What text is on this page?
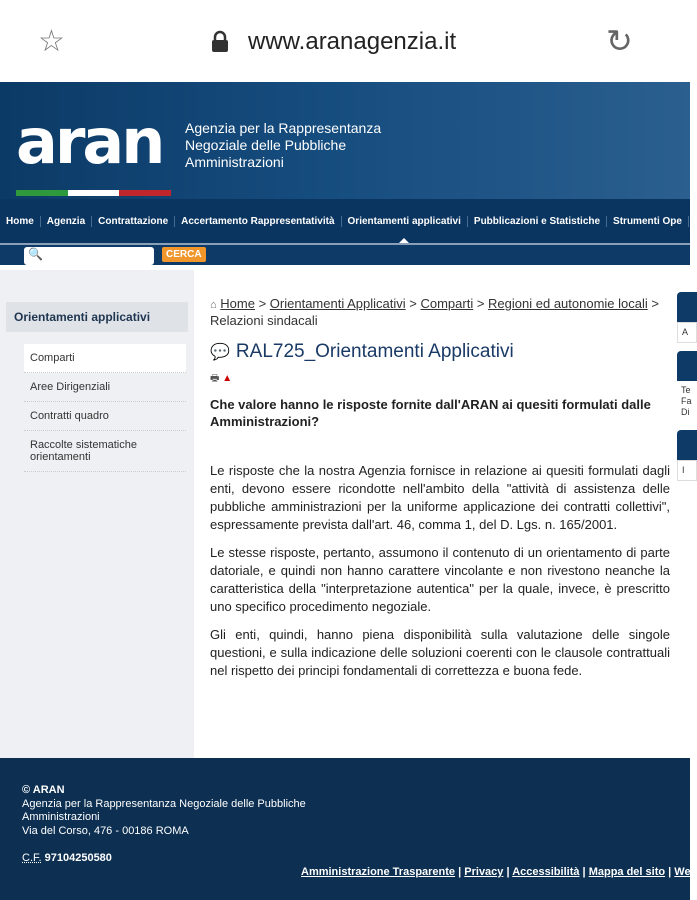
☆	www.aranagenzia.it	↻
aran Agenzia per la Rappresentanza
Negoziale delle Pubbliche
Amministrazioni
Home	Agenzia	Contrattazione	Accertamento Rappresentatività	Orientamenti applicativi	Pubblicazioni e Statistiche	Strumenti Ope
🔍	CERCA
Orientamenti applicativi
Comparti
Aree Dirigenziali
Contratti quadro
Raccolte sistematiche orientamenti
⌂ Home > Orientamenti Applicativi > Comparti > Regioni ed autonomie locali > Relazioni sindacali
💬 RAL725_Orientamenti Applicativi
🖶 ▲
Che valore hanno le risposte fornite dall'ARAN ai quesiti formulati dalle Amministrazioni?

Le risposte che la nostra Agenzia fornisce in relazione ai quesiti formulati dagli enti, devono essere ricondotte nell'ambito della "attività di assistenza delle pubbliche amministrazioni per la uniforme applicazione dei contratti collettivi", espressamente prevista dall'art. 46, comma 1, del D. Lgs. n. 165/2001.

Le stesse risposte, pertanto, assumono il contenuto di un orientamento di parte datoriale, e quindi non hanno carattere vincolante e non rivestono neanche la caratteristica della "interpretazione autentica" per la quale, invece, è prescritto uno specifico procedimento negoziale.

Gli enti, quindi, hanno piena disponibilità sulla valutazione delle singole questioni, e sulla indicazione delle soluzioni coerenti con le clausole contrattuali nel rispetto dei principi fondamentali di correttezza e buona fede.

A
Te Fa Di
I
© ARAN
Agenzia per la Rappresentanza Negoziale delle Pubbliche
Amministrazioni
Via del Corso, 476 - 00186 ROMA
C.F. 97104250580
Amministrazione Trasparente | Privacy | Accessibilità | Mappa del sito | Web
